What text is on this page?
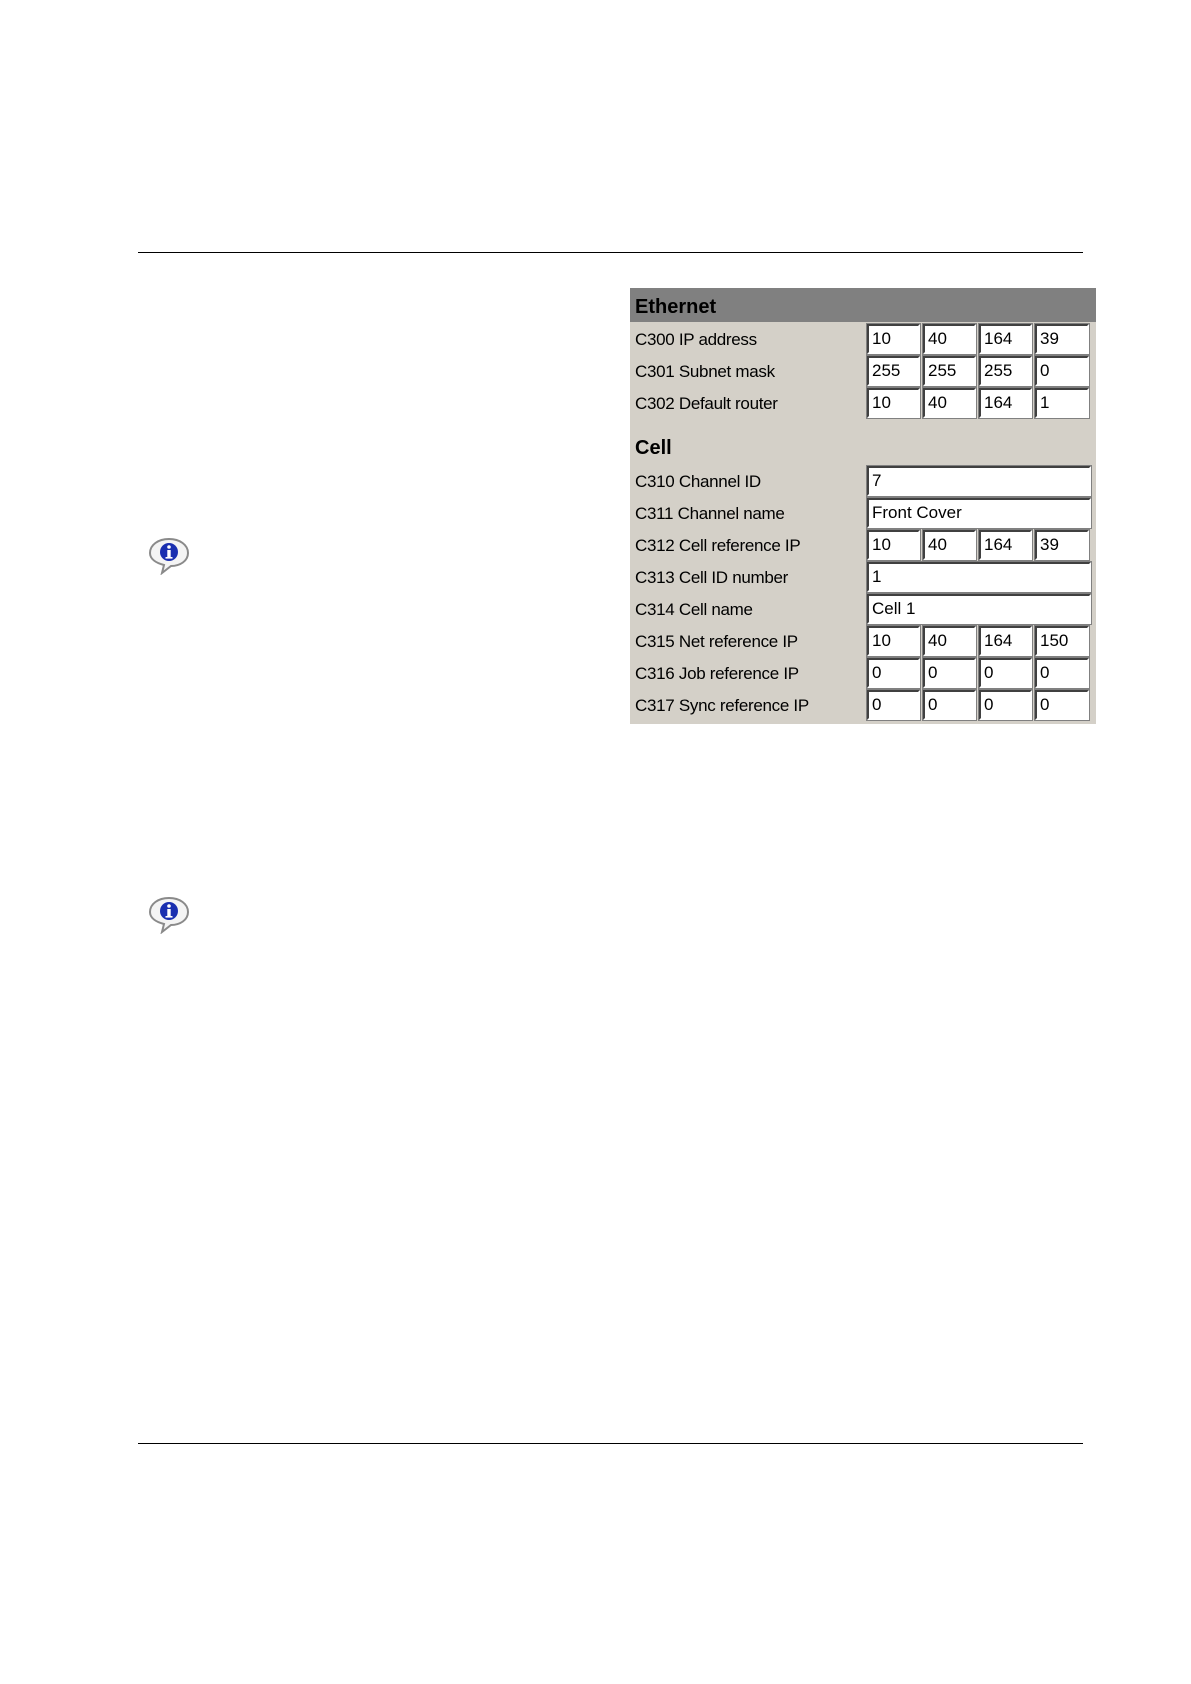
Ethernet
C300 IP address	10	40	164	39
C301 Subnet mask	255	255	255	0
C302 Default router	10	40	164	1
Cell
C310 Channel ID	7
C311 Channel name	Front Cover
C312 Cell reference IP	10	40	164	39
C313 Cell ID number	1
C314 Cell name	Cell 1
C315 Net reference IP	10	40	164	150
C316 Job reference IP	0	0	0	0
C317 Sync reference IP	0	0	0	0
